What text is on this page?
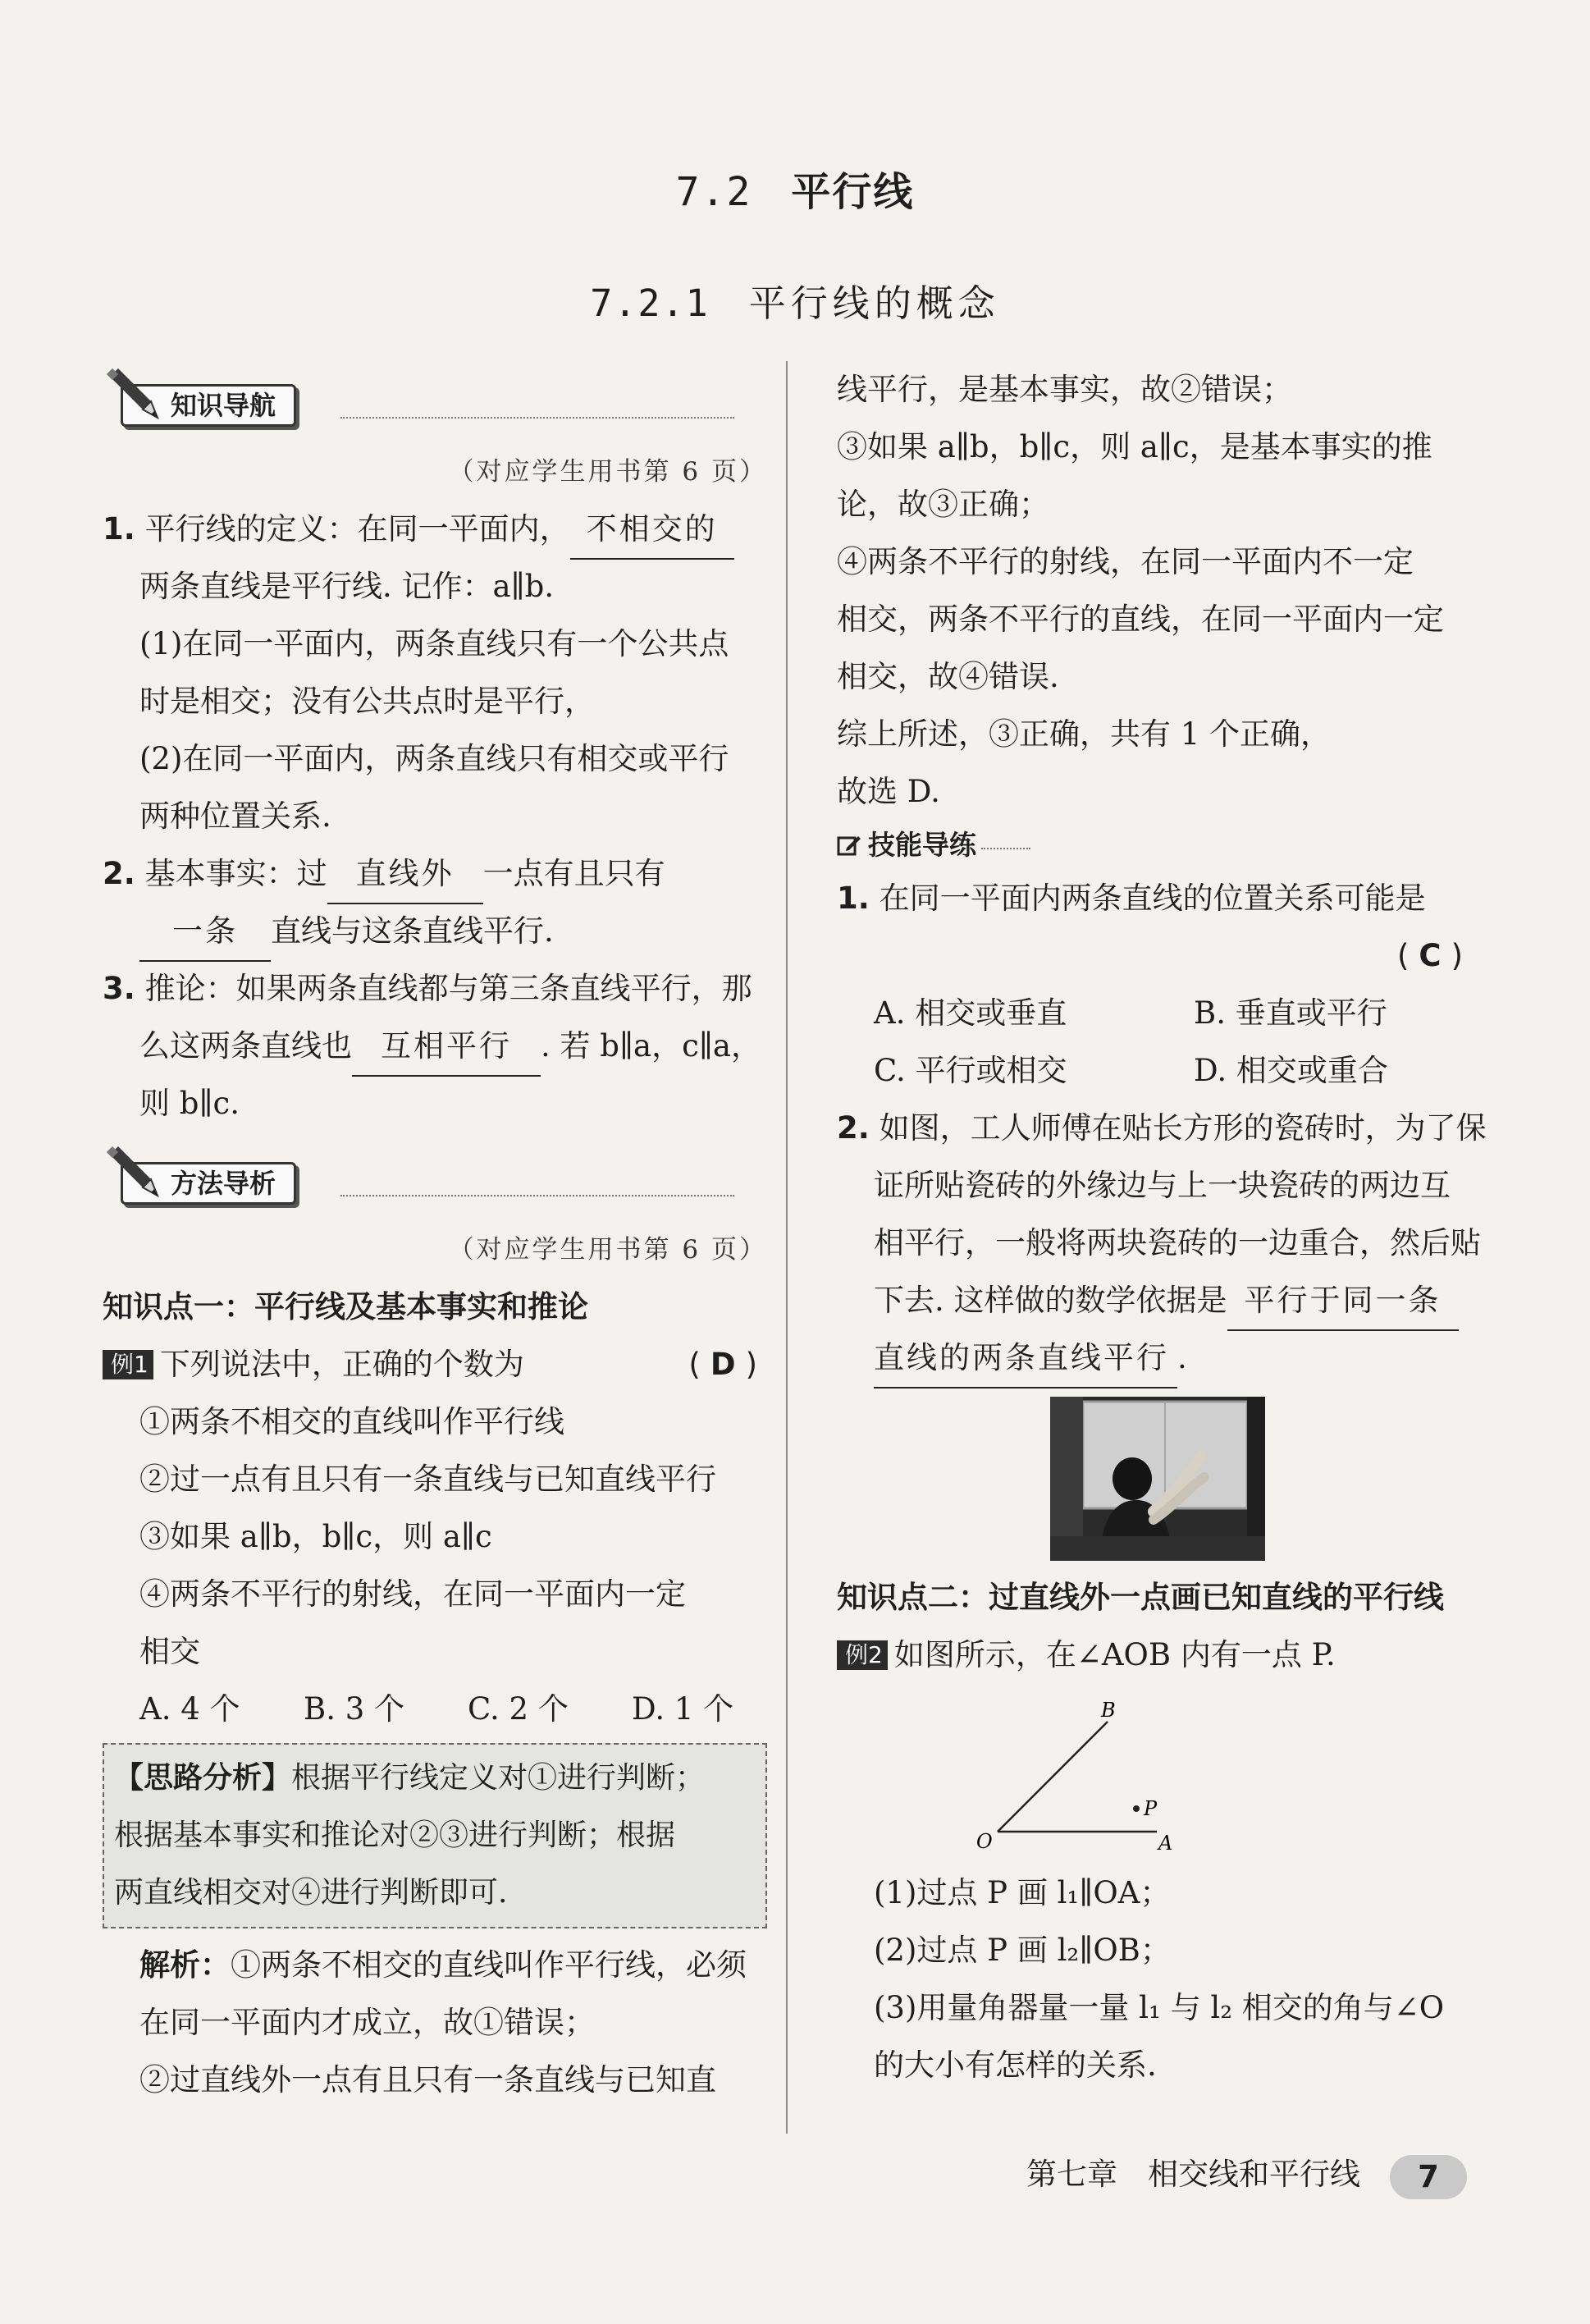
7.2 平行线
7.2.1 平行线的概念
知识导航
（对应学生用书第 6 页）
1. 平行线的定义：在同一平面内， 不相交的
两条直线是平行线. 记作：a∥b.
(1)在同一平面内，两条直线只有一个公共点
时是相交；没有公共点时是平行，
(2)在同一平面内，两条直线只有相交或平行
两种位置关系.
2. 基本事实：过 直线外 一点有且只有
一条 直线与这条直线平行.
3. 推论：如果两条直线都与第三条直线平行，那
么这两条直线也 互相平行 . 若 b∥a，c∥a，
则 b∥c.
方法导析
（对应学生用书第 6 页）
知识点一：平行线及基本事实和推论
例1 下列说法中，正确的个数为	(D)
①两条不相交的直线叫作平行线
②过一点有且只有一条直线与已知直线平行
③如果 a∥b，b∥c，则 a∥c
④两条不平行的射线，在同一平面内一定
相交
A. 4 个 B. 3 个 C. 2 个 D. 1 个
【思路分析】根据平行线定义对①进行判断；
根据基本事实和推论对②③进行判断；根据
两直线相交对④进行判断即可.
解析：①两条不相交的直线叫作平行线，必须
在同一平面内才成立，故①错误；
②过直线外一点有且只有一条直线与已知直
线平行，是基本事实，故②错误；
③如果 a∥b，b∥c，则 a∥c，是基本事实的推
论，故③正确；
④两条不平行的射线，在同一平面内不一定
相交，两条不平行的直线，在同一平面内一定
相交，故④错误.
综上所述，③正确，共有 1 个正确，
故选 D.
技能导练
1. 在同一平面内两条直线的位置关系可能是
(C)
A. 相交或垂直	B. 垂直或平行
C. 平行或相交	D. 相交或重合
2. 如图，工人师傅在贴长方形的瓷砖时，为了保
证所贴瓷砖的外缘边与上一块瓷砖的两边互
相平行，一般将两块瓷砖的一边重合，然后贴
下去. 这样做的数学依据是 平行于同一条
直线的两条直线平行 .
知识点二：过直线外一点画已知直线的平行线
例2 如图所示，在∠AOB 内有一点 P.
B
P
O	A
(1)过点 P 画 l₁∥OA；
(2)过点 P 画 l₂∥OB；
(3)用量角器量一量 l₁ 与 l₂ 相交的角与∠O
的大小有怎样的关系.
第七章　相交线和平行线 7
